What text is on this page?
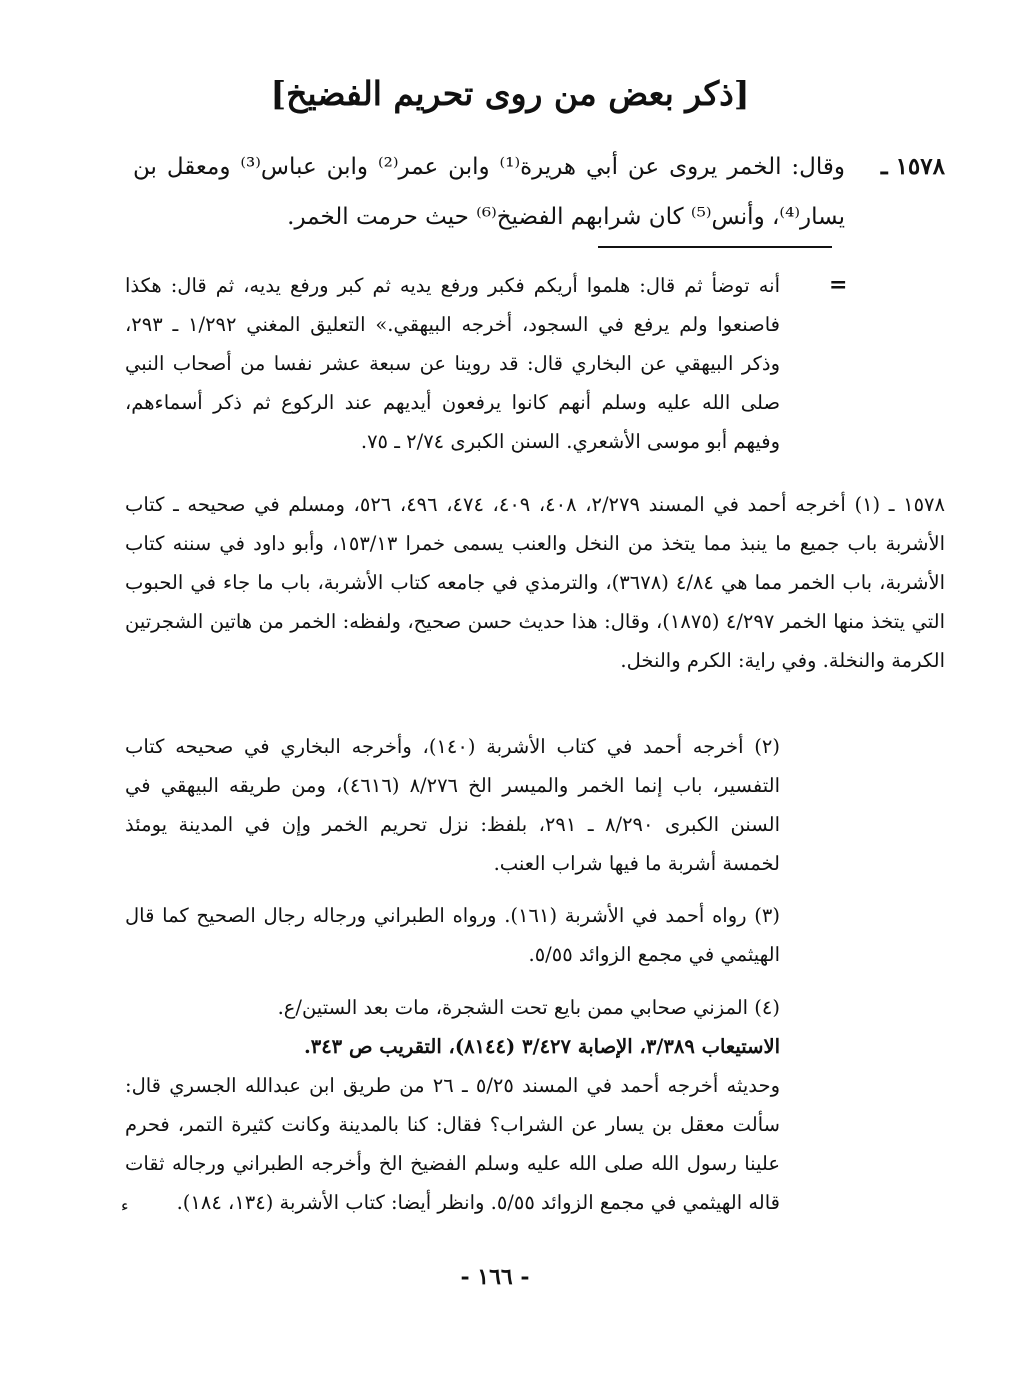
[ذكر بعض من روى تحريم الفضيخ]
١٥٧٨ ـ
وقال: الخمر يروى عن أبي هريرة⁽¹⁾ وابن عمر⁽²⁾ وابن عباس⁽³⁾ ومعقل بن يسار⁽⁴⁾، وأنس⁽⁵⁾ كان شرابهم الفضيخ⁽⁶⁾ حيث حرمت الخمر.
=
أنه توضأ ثم قال: هلموا أريكم فكبر ورفع يديه ثم كبر ورفع يديه، ثم قال: هكذا فاصنعوا ولم يرفع في السجود، أخرجه البيهقي.» التعليق المغني ١/٢٩٢ ـ ٢٩٣، وذكر البيهقي عن البخاري قال: قد روينا عن سبعة عشر نفسا من أصحاب النبي صلى الله عليه وسلم أنهم كانوا يرفعون أيديهم عند الركوع ثم ذكر أسماءهم، وفيهم أبو موسى الأشعري. السنن الكبرى ٢/٧٤ ـ ٧٥.
١٥٧٨ ـ (١) أخرجه أحمد في المسند ٢/٢٧٩، ٤٠٨، ٤٠٩، ٤٧٤، ٤٩٦، ٥٢٦، ومسلم في صحيحه ـ كتاب الأشربة باب جميع ما ينبذ مما يتخذ من النخل والعنب يسمى خمرا ١٥٣/١٣، وأبو داود في سننه كتاب الأشربة، باب الخمر مما هي ٤/٨٤ (٣٦٧٨)، والترمذي في جامعه كتاب الأشربة، باب ما جاء في الحبوب التي يتخذ منها الخمر ٤/٢٩٧ (١٨٧٥)، وقال: هذا حديث حسن صحيح، ولفظه: الخمر من هاتين الشجرتين الكرمة والنخلة. وفي راية: الكرم والنخل.
(٢) أخرجه أحمد في كتاب الأشربة (١٤٠)، وأخرجه البخاري في صحيحه كتاب التفسير، باب إنما الخمر والميسر الخ ٨/٢٧٦ (٤٦١٦)، ومن طريقه البيهقي في السنن الكبرى ٨/٢٩٠ ـ ٢٩١، بلفظ: نزل تحريم الخمر وإن في المدينة يومئذ لخمسة أشربة ما فيها شراب العنب.
(٣) رواه أحمد في الأشربة (١٦١). ورواه الطبراني ورجاله رجال الصحيح كما قال الهيثمي في مجمع الزوائد ٥/٥٥.
(٤) المزني صحابي ممن بايع تحت الشجرة، مات بعد الستين/ع.
الاستيعاب ٣/٣٨٩، الإصابة ٣/٤٢٧ (٨١٤٤)، التقريب ص ٣٤٣.
وحديثه أخرجه أحمد في المسند ٥/٢٥ ـ ٢٦ من طريق ابن عبدالله الجسري قال: سألت معقل بن يسار عن الشراب؟ فقال: كنا بالمدينة وكانت كثيرة التمر، فحرم علينا رسول الله صلى الله عليه وسلم الفضيخ الخ وأخرجه الطبراني ورجاله ثقات قاله الهيثمي في مجمع الزوائد ٥/٥٥. وانظر أيضا: كتاب الأشربة (١٣٤، ١٨٤).
ء
- ١٦٦ -
